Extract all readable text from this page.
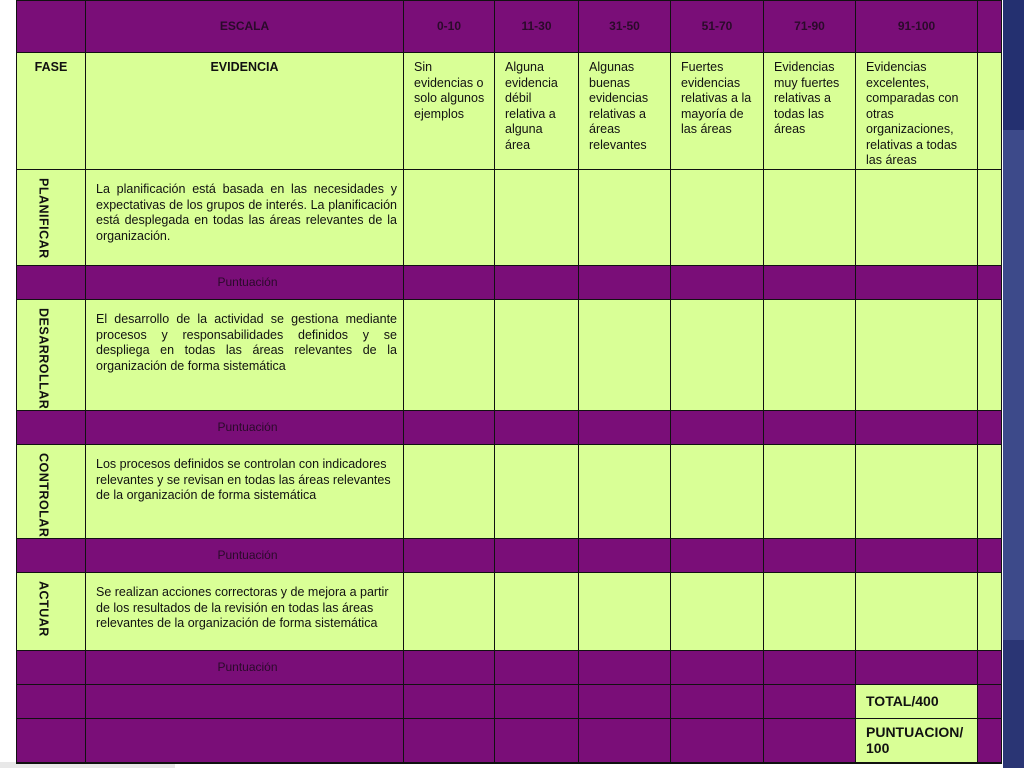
	ESCALA	0-10	11-30	31-50	51-70	71-90	91-100	
FASE	EVIDENCIA	Sin evidencias o solo algunos ejemplos	Alguna evidencia débil relativa a alguna área	Algunas buenas evidencias relativas a áreas relevantes	Fuertes evidencias relativas a la mayoría de las áreas	Evidencias muy fuertes relativas a todas las áreas	Evidencias excelentes, comparadas con otras organizaciones, relativas a todas las áreas	

PLANIFICAR	La planificación está basada en las necesidades y expectativas de los grupos de interés. La planificación está desplegada en todas las áreas relevantes de la organización.							
	Puntuación							

DESARROLLAR	El desarrollo de la actividad se gestiona mediante procesos y responsabilidades definidos y se despliega en todas las áreas relevantes de la organización de forma sistemática							
	Puntuación							

CONTROLAR	Los procesos definidos se controlan con indicadores relevantes y se revisan en todas las áreas relevantes de la organización de forma sistemática							
	Puntuación							

ACTUAR	Se realizan acciones correctoras y de mejora a partir de los resultados de la revisión en todas las áreas relevantes de la organización de forma sistemática							
	Puntuación							
							TOTAL/400	
							PUNTUACION/ 100	
